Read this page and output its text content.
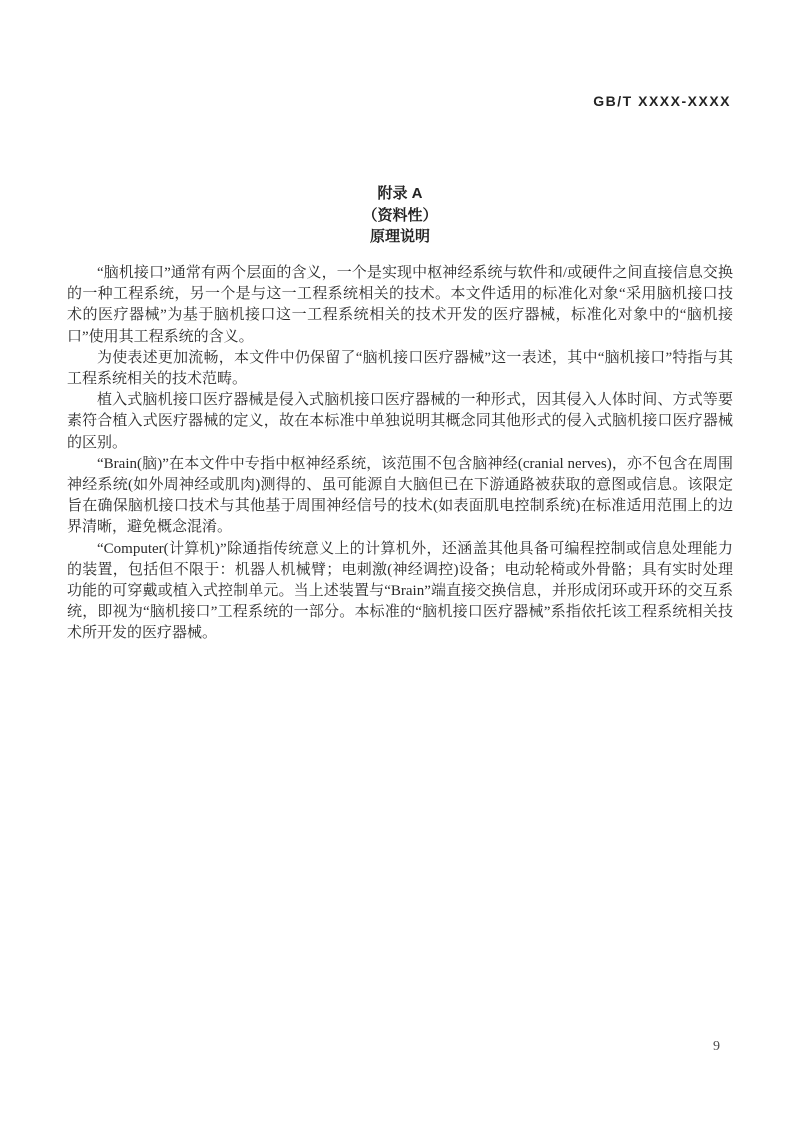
GB/T XXXX-XXXX
附录 A
（资料性）
原理说明

“脑机接口”通常有两个层面的含义，一个是实现中枢神经系统与软件和/或硬件之间直接信息交换的一种工程系统，另一个是与这一工程系统相关的技术。本文件适用的标准化对象“采用脑机接口技术的医疗器械”为基于脑机接口这一工程系统相关的技术开发的医疗器械，标准化对象中的“脑机接口”使用其工程系统的含义。

为使表述更加流畅，本文件中仍保留了“脑机接口医疗器械”这一表述，其中“脑机接口”特指与其工程系统相关的技术范畴。

植入式脑机接口医疗器械是侵入式脑机接口医疗器械的一种形式，因其侵入人体时间、方式等要素符合植入式医疗器械的定义，故在本标准中单独说明其概念同其他形式的侵入式脑机接口医疗器械的区别。

“Brain(脑)”在本文件中专指中枢神经系统，该范围不包含脑神经(cranial nerves)，亦不包含在周围神经系统(如外周神经或肌肉)测得的、虽可能源自大脑但已在下游通路被获取的意图或信息。该限定旨在确保脑机接口技术与其他基于周围神经信号的技术(如表面肌电控制系统)在标准适用范围上的边界清晰，避免概念混淆。

“Computer(计算机)”除通指传统意义上的计算机外，还涵盖其他具备可编程控制或信息处理能力的装置，包括但不限于：机器人机械臂；电刺激(神经调控)设备；电动轮椅或外骨骼；具有实时处理功能的可穿戴或植入式控制单元。当上述装置与“Brain”端直接交换信息，并形成闭环或开环的交互系统，即视为“脑机接口”工程系统的一部分。本标准的“脑机接口医疗器械”系指依托该工程系统相关技术所开发的医疗器械。

9
